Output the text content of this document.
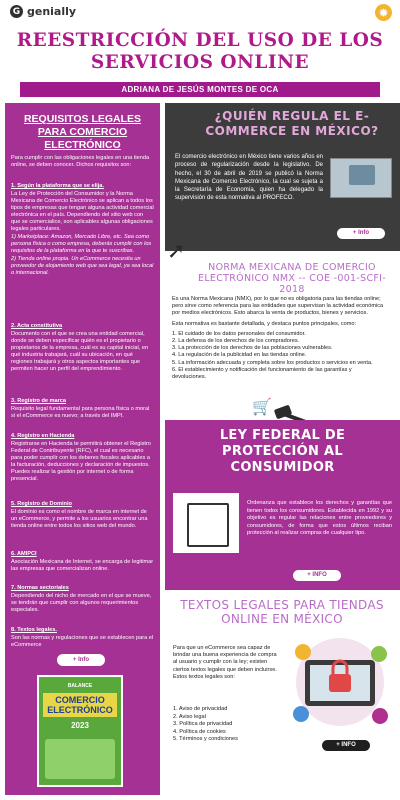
G genially	✹
REESTRICCIÓN DEL USO DE LOS SERVICIOS ONLINE
ADRIANA DE JESÚS MONTES DE OCA
REQUISITOS LEGALES PARA COMERCIO ELECTRÓNICO
Para cumplir con las obligaciones legales en una tienda online, se deben conocer. Dichos requisitos son:
1. Según la plataforma que se elija.

La Ley de Protección del Consumidor y la Norma Mexicana de Comercio Electrónico se aplican a todos los tipos de empresas que tengan alguna actividad comercial electrónica en el país. Dependiendo del sitio web con que se comercialice, son aplicables algunas obligaciones legales particulares.

1) Marketplace: Amazon, Mercado Libre, etc. Sea como persona física o como empresa, deberás cumplir con los requisitos de la plataforma en la que te suscribas.

2) Tienda online propia. Un eCommerce necesita un proveedor de alojamiento web que sea legal, ya sea local o internacional.

2. Acta constitutiva

Documento con el que se crea una entidad comercial, donde se deben especificar quién es el propietario o propietarios de la empresa, cuál es su capital inicial, en qué industria trabajará, cuál su ubicación, en qué regiones trabajará y otros aspectos importantes que permiten hacer un perfil del emprendimiento.

3. Registro de marca

Requisito legal fundamental para persona física o moral si el eCommerce es nuevo; a través del IMPI.

4. Registro en Hacienda

Registrarse en Hacienda te permitirá obtener el Registro Federal de Contribuyente (RFC), el cual es necesario para poder cumplir con los deberes fiscales aplicables a la facturación, deducciones y declaración de impuestos. Puedes realizar la gestión por internet o de forma presencial.

5. Registro de Dominio

El dominio es como el nombre de marca en internet de un eCommerce, y permite a los usuarios encontrar una tienda online entre todos los sitios web del mundo.

6. AMIPCI

Asociación Mexicana de Internet, se encarga de legitimar las empresas que comercializan online.

7. Normas sectoriales

Dependiendo del nicho de mercado en el que se mueve, se tendrán que cumplir con algunos requerimientos especiales.

8. Textos legales.

Son las normas y regulaciones que se establecen para el eCommerce

+ Info
BALANCE
COMERCIO ELECTRÓNICO
2023
¿QUIÉN REGULA EL E-COMMERCE EN MÉXICO?
El comercio electrónico en México tiene varios años en proceso de regularización desde la legislativo. De hecho, el 30 de abril de 2019 se publicó la Norma Mexicana de Comercio Electrónico, la cual se sujeta a la Secretaría de Economía, quien ha delegado la supervisión de esta normativa al PROFECO.
+ Info
➚
NORMA MEXICANA DE COMERCIO ELECTRÓNICO NMX -- COE -001-SCFI-2018

Es una Norma Mexicana (NMX), por lo que no es obligatoria para las tiendas online; pero sirve como referencia para las entidades que supervisan la actividad económica por medios electrónicos. Esto abarca la venta de productos, bienes y servicios.

Esta normativa es bastante detallada, y destaca puntos principales, como:

1. El cuidado de los datos personales del consumidor.
2. La defensa de los derechos de los compradores.
3. La protección de los derechos de las poblaciones vulnerables.
4. La regulación de la publicidad en las tiendas online.
5. La información adecuada y completa sobre los productos o servicios en venta.
6. El establecimiento y notificación del funcionamiento de las garantías y devoluciones.
🛒
LEY FEDERAL DE PROTECCIÓN AL CONSUMIDOR
Ordenanza que establece los derechos y garantías que tienen todos los consumidores. Establecida en 1992 y su objetivo es regular las relaciones entre proveedores y consumidores, de forma que estos últimos reciban protección al realizar compras de cualquier tipo.
+ INFO
TEXTOS LEGALES PARA TIENDAS ONLINE EN MÉXICO
Para que un eCommerce sea capaz de brindar una buena experiencia de compra al usuario y cumplir con la ley; existen ciertos textos legales que deben incluirse. Estos textos legales son:
1. Aviso de privacidad
2. Aviso legal
3. Política de privacidad
4. Política de cookies
5. Términos y condiciones
+ INFO
